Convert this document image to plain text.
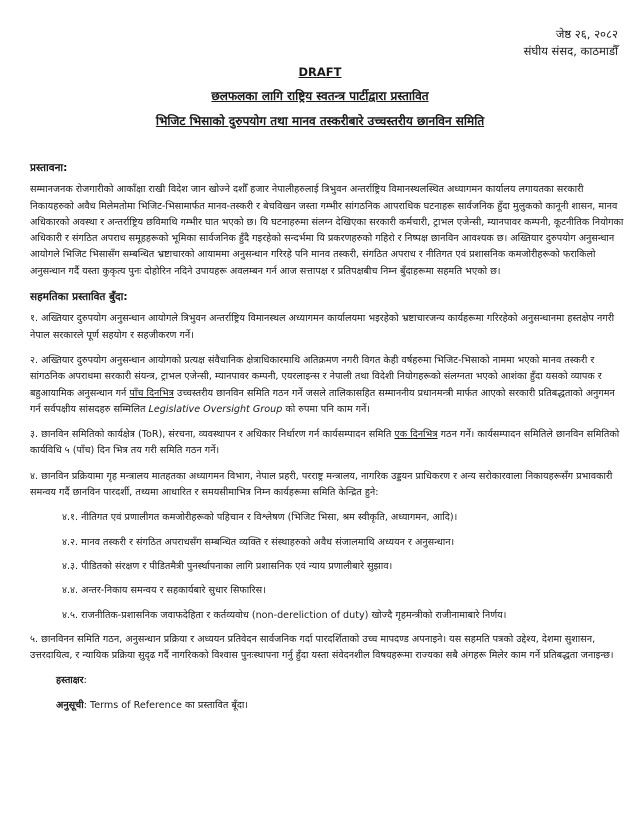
जेष्ठ २६, २०८२
संघीय संसद, काठमाडौँ
DRAFT
छलफलका लागि राष्ट्रिय स्वतन्त्र पार्टीद्वारा प्रस्तावित
भिजिट भिसाको दुरुपयोग तथा मानव तस्करीबारे उच्चस्तरीय छानविन समिति
प्रस्तावना:

सम्मानजनक रोजगारीको आकाँक्षा राखी विदेश जान खोज्ने दशौँ हजार नेपालीहरुलाई त्रिभुवन अन्तर्राष्ट्रिय विमानस्थलस्थित अध्यागमन कार्यालय लगायतका सरकारी निकायहरुको अवैध मिलेमतोमा भिजिट-भिसामार्फत मानव-तस्करी र बेचविखन जस्ता गम्भीर सांगठनिक आपराधिक घटनाहरू सार्वजनिक हुँदा मुलुकको कानूनी शासन, मानव अधिकारको अवस्था र अन्तर्राष्ट्रिय छविमाथि गम्भीर घात भएको छ। यि घटनाहरुमा संलग्न देखिएका सरकारी कर्मचारी, ट्राभल एजेन्सी, म्यानपावर कम्पनी, कूटनीतिक नियोगका अधिकारी र संगठित अपराध समूहहरूको भूमिका सार्वजनिक हुँदै गइरहेको सन्दर्भमा यि प्रकरणहरुको गहिरो र निष्पक्ष छानविन आवश्यक छ। अख्तियार दुरुपयोग अनुसन्धान आयोगले भिजिट भिसासँग सम्बन्धित भ्रष्टाचारको आयाममा अनुसन्धान गरिरहे पनि मानव तस्करी, संगठित अपराध र नीतिगत एवं प्रशासनिक कमजोरीहरूको फराकिलो अनुसन्धान गर्दै यस्ता कुकृत्य पुनः दोहोरिन नदिने उपायहरू अवलम्बन गर्न आज सत्तापक्ष र प्रतिपक्षबीच निम्न बुँदाहरूमा सहमति भएको छ।

सहमतिका प्रस्तावित बुँदा:

१. अख्तियार दुरुपयोग अनुसन्धान आयोगले त्रिभुवन अन्तर्राष्ट्रिय विमानस्थल अध्यागमन कार्यालयमा भइरहेको भ्रष्टाचारजन्य कार्यहरूमा गरिरहेको अनुसन्धानमा हस्तक्षेप नगरी नेपाल सरकारले पूर्ण सहयोग र सहजीकरण गर्ने।

२. अख्तियार दुरुपयोग अनुसन्धान आयोगको प्रत्यक्ष संवैधानिक क्षेत्राधिकारमाथि अतिक्रमण नगरी विगत केही वर्षहरुमा भिजिट-भिसाको नाममा भएको मानव तस्करी र सांगठनिक अपराधमा सरकारी संयन्त्र, ट्राभल एजेन्सी, म्यानपावर कम्पनी, एयरलाइन्स र नेपाली तथा विदेशी नियोगहरूको संलग्नता भएको आशंका हुँदा यसको व्यापक र बहुआयामिक अनुसन्धान गर्न पाँच दिनभित्र उच्चस्तरीय छानविन समिति गठन गर्ने जसले तालिकासहित सम्माननीय प्रधानमन्त्री मार्फत आएको सरकारी प्रतिबद्धताको अनुगमन गर्न सर्वपक्षीय सांसदहरु सम्मिलित Legislative Oversight Group को रुपमा पनि काम गर्ने।

३. छानविन समितिको कार्यक्षेत्र (ToR), संरचना, व्यवस्थापन र अधिकार निर्धारण गर्न कार्यसम्पादन समिति एक दिनभित्र गठन गर्ने। कार्यसम्पादन समितिले छानविन समितिको कार्यविधि ५ (पाँच) दिन भित्र तय गरी समिति गठन गर्ने।

४. छानविन प्रक्रियामा गृह मन्त्रालय मातहतका अध्यागमन विभाग, नेपाल प्रहरी, परराष्ट्र मन्त्रालय, नागरिक उड्डयन प्राधिकरण र अन्य सरोकारवाला निकायहरूसँग प्रभावकारी समन्वय गर्दै छानविन पारदर्शी, तथ्यमा आधारित र समयसीमाभित्र निम्न कार्यहरूमा समिति केन्द्रित हुने:

४.१. नीतिगत एवं प्रणालीगत कमजोरीहरूको पहिचान र विश्लेषण (भिजिट भिसा, श्रम स्वीकृति, अध्यागमन, आदि)।

४.२. मानव तस्करी र संगठित अपराधसँग सम्बन्धित व्यक्ति र संस्थाहरुको अवैध संजालमाथि अध्ययन र अनुसन्धान।

४.३. पीडितको संरक्षण र पीडितमैत्री पुनर्स्थापनाका लागि प्रशासनिक एवं न्याय प्रणालीबारे सुझाव।

४.४. अन्तर-निकाय समन्वय र सहकार्यबारे सुधार सिफारिस।

४.५. राजनीतिक-प्रशासनिक जवाफदेहिता र कर्तव्यवोध (non-dereliction of duty) खोज्दै गृहमन्त्रीको राजीनामाबारे निर्णय।

५. छानविनन समिति गठन, अनुसन्धान प्रक्रिया र अध्ययन प्रतिवेदन सार्वजनिक गर्दा पारदर्शिताको उच्च मापदण्ड अपनाइने। यस सहमति पत्रको उद्देश्य, देशमा सुशासन, उत्तरदायित्व, र न्यायिक प्रक्रिया सुदृढ गर्दै नागरिकको विश्वास पुनःस्थापना गर्नु हुँदा यस्ता संवेदनशील विषयहरूमा राज्यका सबै अंगहरू मिलेर काम गर्ने प्रतिबद्धता जनाइन्छ।

हस्ताक्षर:
अनुसूची: Terms of Reference का प्रस्तावित बूँदा।
